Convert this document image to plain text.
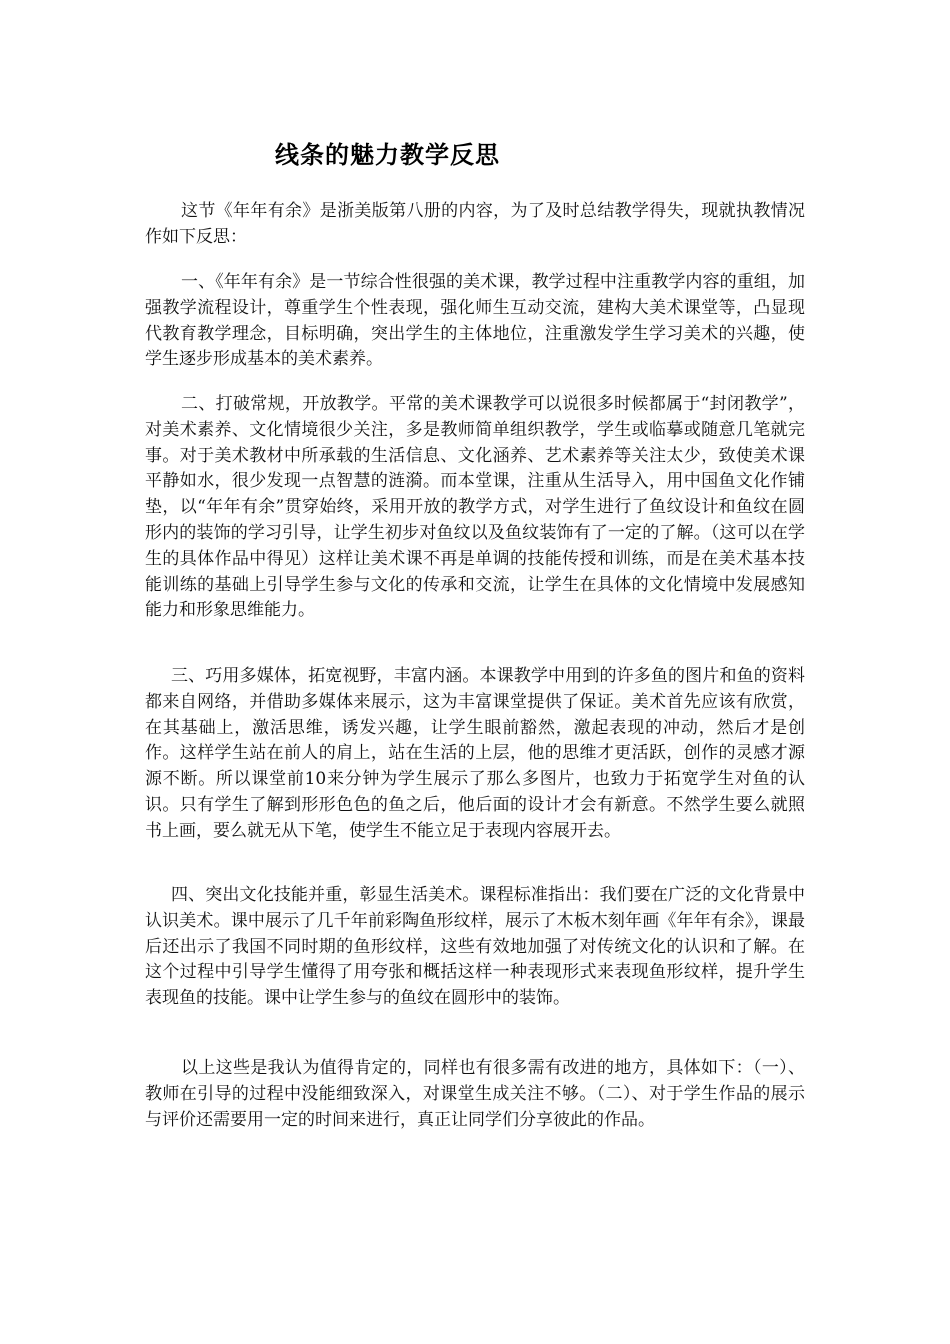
线条的魅力教学反思

这节《年年有余》是浙美版第八册的内容，为了及时总结教学得失，现就执教情况作如下反思：

一、《年年有余》是一节综合性很强的美术课，教学过程中注重教学内容的重组，加强教学流程设计，尊重学生个性表现，强化师生互动交流，建构大美术课堂等，凸显现代教育教学理念，目标明确，突出学生的主体地位，注重激发学生学习美术的兴趣，使学生逐步形成基本的美术素养。

二、打破常规，开放教学。平常的美术课教学可以说很多时候都属于“封闭教学”，对美术素养、文化情境很少关注，多是教师简单组织教学，学生或临摹或随意几笔就完事。对于美术教材中所承载的生活信息、文化涵养、艺术素养等关注太少，致使美术课平静如水，很少发现一点智慧的涟漪。而本堂课，注重从生活导入，用中国鱼文化作铺垫，以“年年有余”贯穿始终，采用开放的教学方式，对学生进行了鱼纹设计和鱼纹在圆形内的装饰的学习引导，让学生初步对鱼纹以及鱼纹装饰有了一定的了解。（这可以在学生的具体作品中得见）这样让美术课不再是单调的技能传授和训练，而是在美术基本技能训练的基础上引导学生参与文化的传承和交流，让学生在具体的文化情境中发展感知能力和形象思维能力。

三、巧用多媒体，拓宽视野，丰富内涵。本课教学中用到的许多鱼的图片和鱼的资料都来自网络，并借助多媒体来展示，这为丰富课堂提供了保证。美术首先应该有欣赏，在其基础上，激活思维，诱发兴趣，让学生眼前豁然，激起表现的冲动，然后才是创作。这样学生站在前人的肩上，站在生活的上层，他的思维才更活跃，创作的灵感才源源不断。所以课堂前10来分钟为学生展示了那么多图片，也致力于拓宽学生对鱼的认识。只有学生了解到形形色色的鱼之后，他后面的设计才会有新意。不然学生要么就照书上画，要么就无从下笔，使学生不能立足于表现内容展开去。

四、突出文化技能并重，彰显生活美术。课程标准指出：我们要在广泛的文化背景中认识美术。课中展示了几千年前彩陶鱼形纹样，展示了木板木刻年画《年年有余》，课最后还出示了我国不同时期的鱼形纹样，这些有效地加强了对传统文化的认识和了解。在这个过程中引导学生懂得了用夸张和概括这样一种表现形式来表现鱼形纹样，提升学生表现鱼的技能。课中让学生参与的鱼纹在圆形中的装饰。

以上这些是我认为值得肯定的，同样也有很多需有改进的地方，具体如下：（一）、教师在引导的过程中没能细致深入，对课堂生成关注不够。（二）、对于学生作品的展示与评价还需要用一定的时间来进行，真正让同学们分享彼此的作品。
